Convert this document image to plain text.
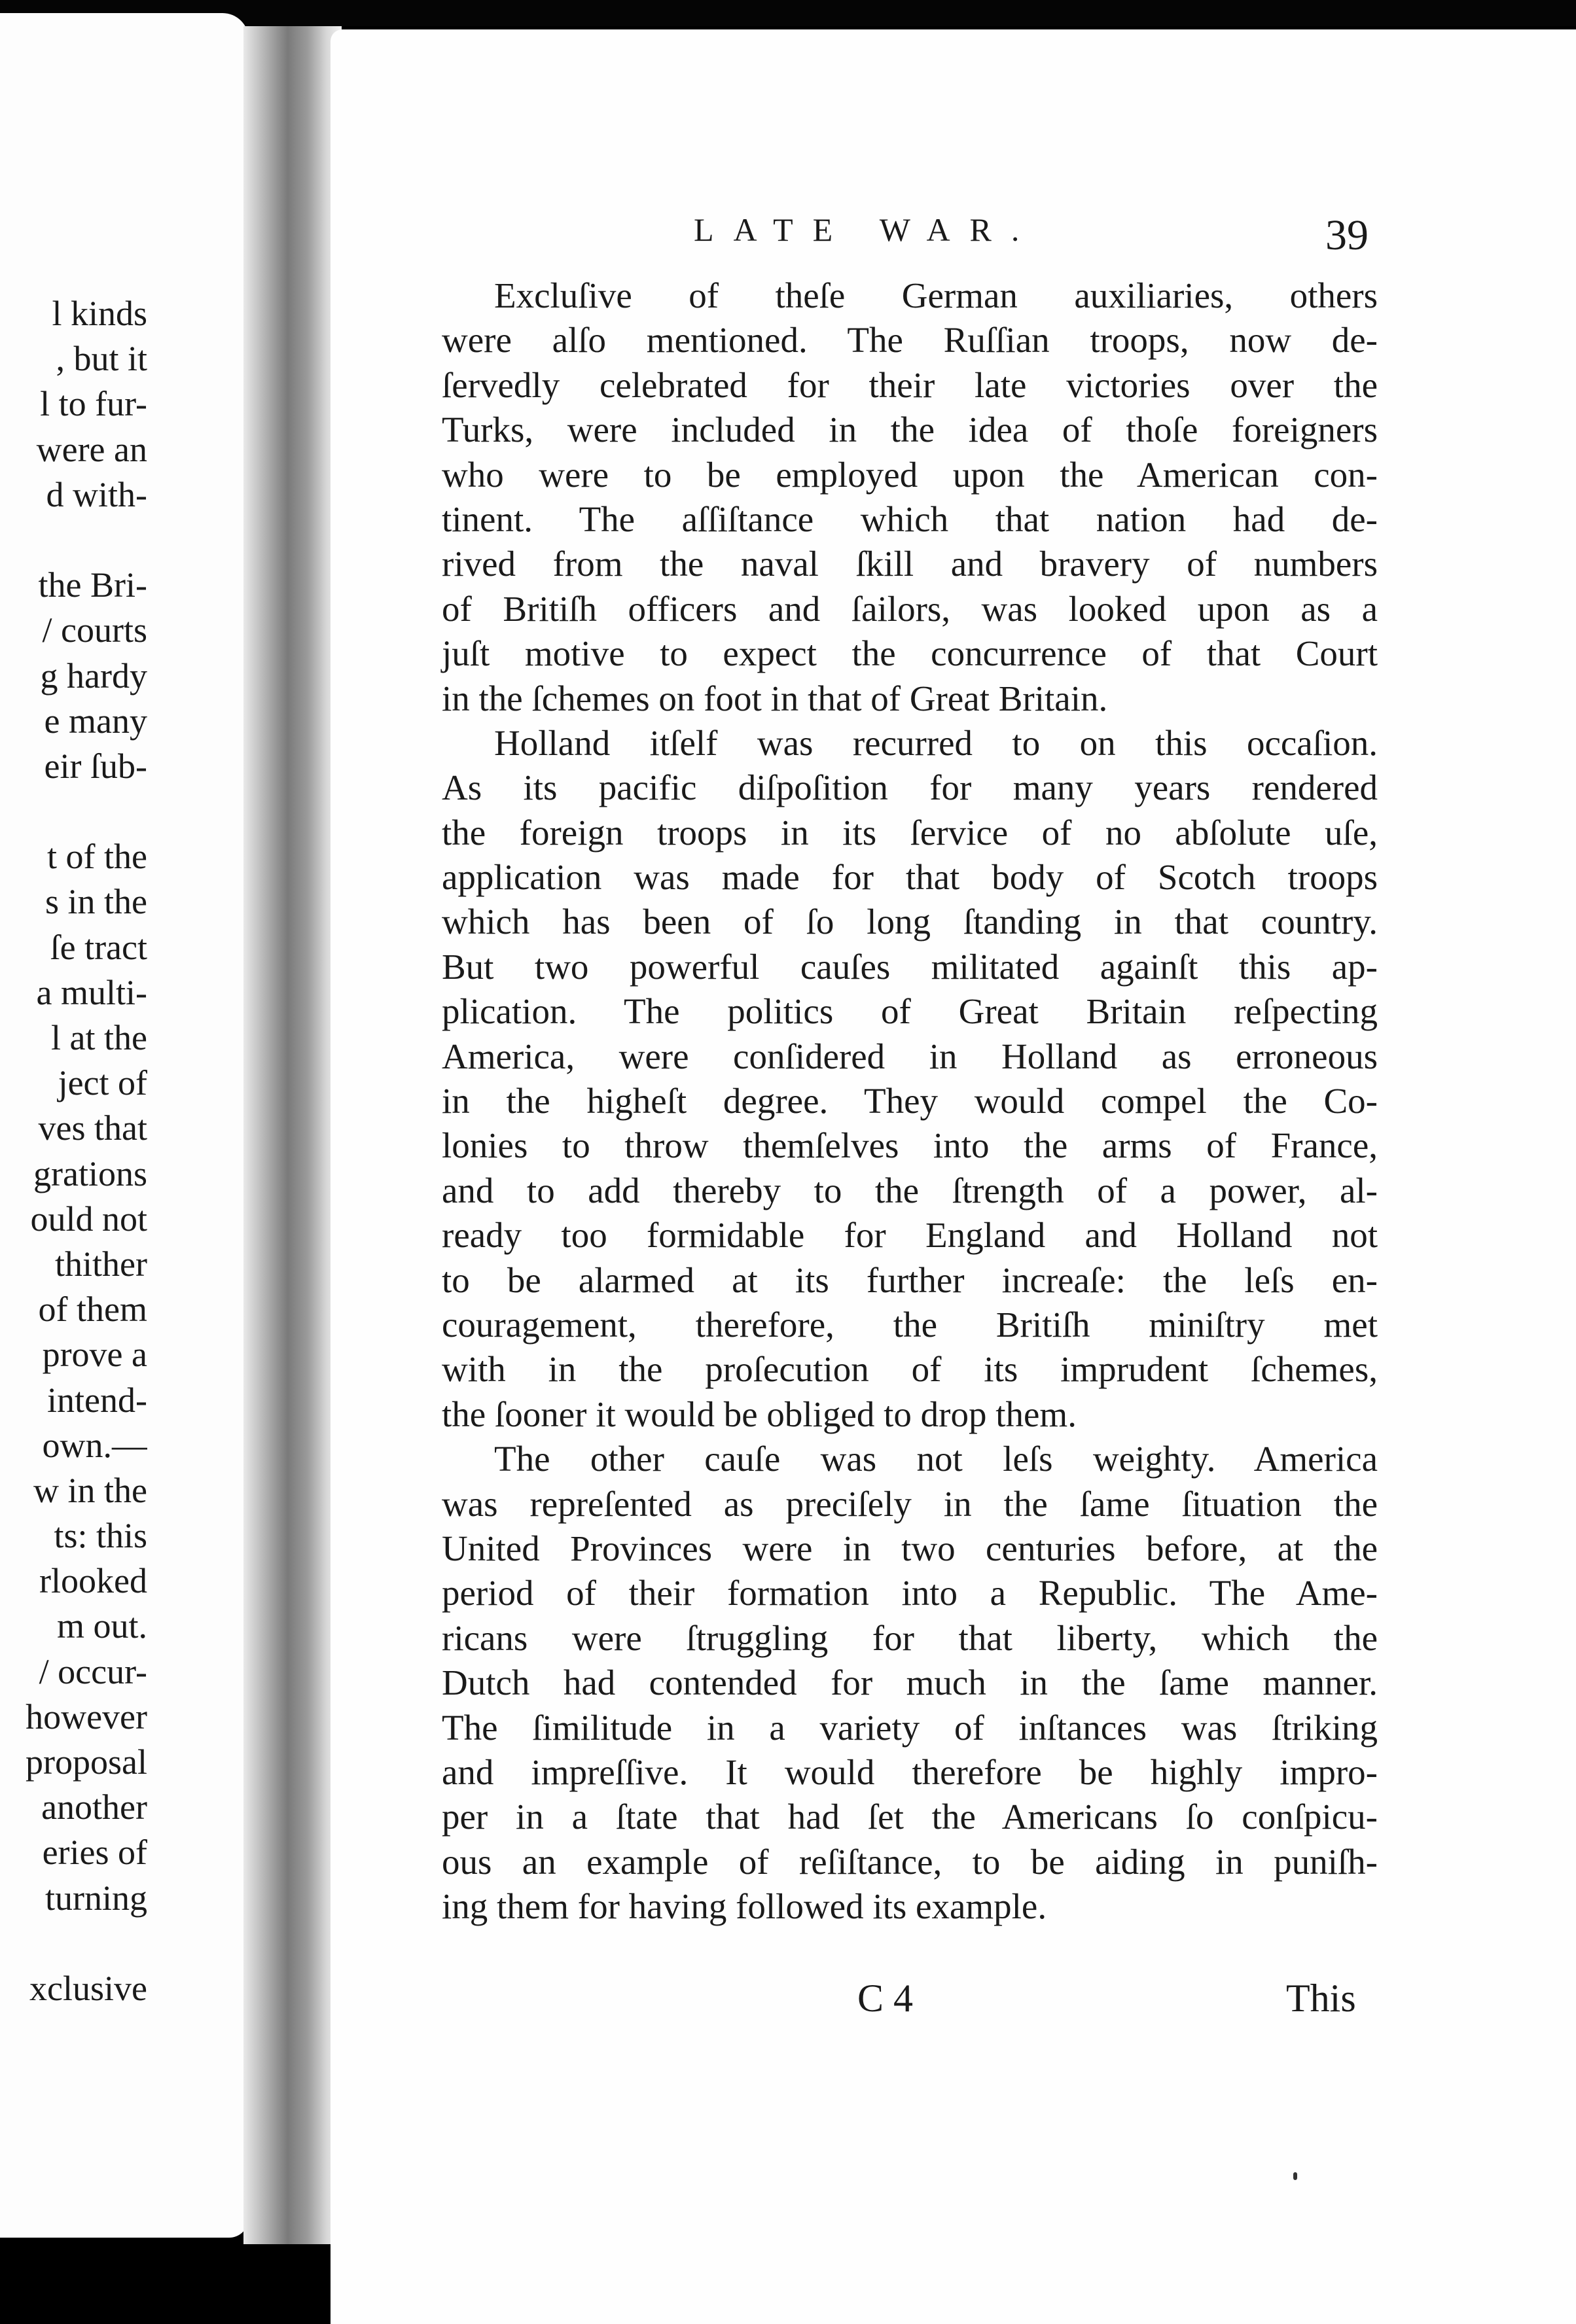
l kinds
, but it
l to fur-
were an
d with-
the Bri-
/ courts
g hardy
e many
eir ſub-
t of the
s in the
ſe tract
a multi-
l at the
ject of
ves that
grations
ould not
thither
of them
prove a
intend-
own.—
w in the
ts: this
rlooked
m out.
/ occur-
however
proposal
another
eries of
turning
xclusive
LATE WAR.	39
Excluſive of theſe German auxiliaries, others
were alſo mentioned. The Ruſſian troops, now de-
ſervedly celebrated for their late victories over the
Turks, were included in the idea of thoſe foreigners
who were to be employed upon the American con-
tinent. The aſſiſtance which that nation had de-
rived from the naval ſkill and bravery of numbers
of Britiſh officers and ſailors, was looked upon as a
juſt motive to expect the concurrence of that Court
in the ſchemes on foot in that of Great Britain.
Holland itſelf was recurred to on this occaſion.
As its pacific diſpoſition for many years rendered
the foreign troops in its ſervice of no abſolute uſe,
application was made for that body of Scotch troops
which has been of ſo long ſtanding in that country.
But two powerful cauſes militated againſt this ap-
plication. The politics of Great Britain reſpecting
America, were conſidered in Holland as erroneous
in the higheſt degree. They would compel the Co-
lonies to throw themſelves into the arms of France,
and to add thereby to the ſtrength of a power, al-
ready too formidable for England and Holland not
to be alarmed at its further increaſe: the leſs en-
couragement, therefore, the Britiſh miniſtry met
with in the proſecution of its imprudent ſchemes,
the ſooner it would be obliged to drop them.
The other cauſe was not leſs weighty. America
was repreſented as preciſely in the ſame ſituation the
United Provinces were in two centuries before, at the
period of their formation into a Republic. The Ame-
ricans were ſtruggling for that liberty, which the
Dutch had contended for much in the ſame manner.
The ſimilitude in a variety of inſtances was ſtriking
and impreſſive. It would therefore be highly impro-
per in a ſtate that had ſet the Americans ſo conſpicu-
ous an example of reſiſtance, to be aiding in puniſh-
ing them for having followed its example.
C 4	This
